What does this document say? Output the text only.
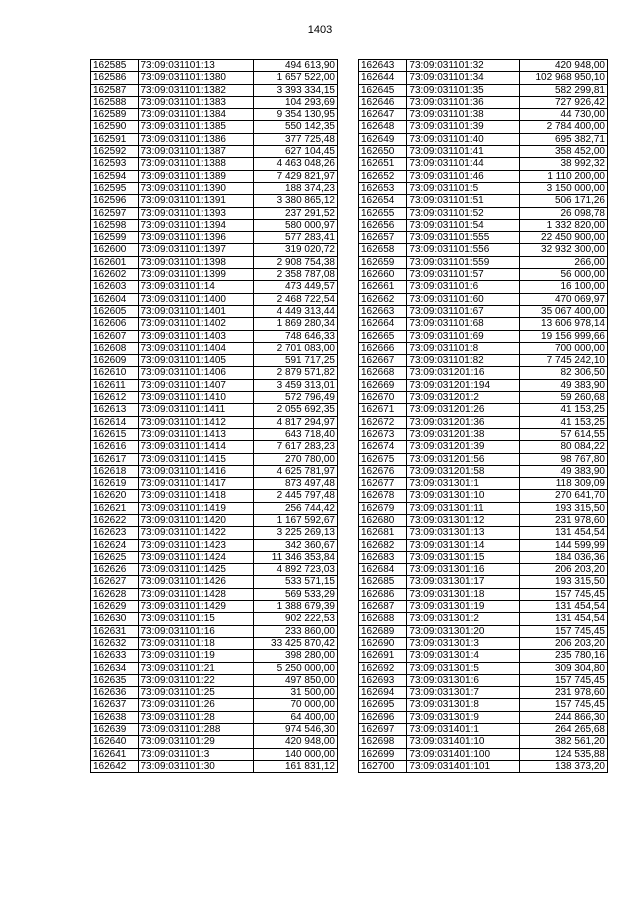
1403
162585	73:09:031101:13	494 613,90
162586	73:09:031101:1380	1 657 522,00
162587	73:09:031101:1382	3 393 334,15
162588	73:09:031101:1383	104 293,69
162589	73:09:031101:1384	9 354 130,95
162590	73:09:031101:1385	550 142,35
162591	73:09:031101:1386	377 725,48
162592	73:09:031101:1387	627 104,45
162593	73:09:031101:1388	4 463 048,26
162594	73:09:031101:1389	7 429 821,97
162595	73:09:031101:1390	188 374,23
162596	73:09:031101:1391	3 380 865,12
162597	73:09:031101:1393	237 291,52
162598	73:09:031101:1394	580 000,97
162599	73:09:031101:1396	577 283,41
162600	73:09:031101:1397	319 020,72
162601	73:09:031101:1398	2 908 754,38
162602	73:09:031101:1399	2 358 787,08
162603	73:09:031101:14	473 449,57
162604	73:09:031101:1400	2 468 722,54
162605	73:09:031101:1401	4 449 313,44
162606	73:09:031101:1402	1 869 280,34
162607	73:09:031101:1403	748 646,33
162608	73:09:031101:1404	2 701 083,00
162609	73:09:031101:1405	591 717,25
162610	73:09:031101:1406	2 879 571,82
162611	73:09:031101:1407	3 459 313,01
162612	73:09:031101:1410	572 796,49
162613	73:09:031101:1411	2 055 692,35
162614	73:09:031101:1412	4 817 294,97
162615	73:09:031101:1413	643 718,40
162616	73:09:031101:1414	7 617 283,23
162617	73:09:031101:1415	270 780,00
162618	73:09:031101:1416	4 625 781,97
162619	73:09:031101:1417	873 497,48
162620	73:09:031101:1418	2 445 797,48
162621	73:09:031101:1419	256 744,42
162622	73:09:031101:1420	1 167 592,67
162623	73:09:031101:1422	3 225 269,13
162624	73:09:031101:1423	342 360,67
162625	73:09:031101:1424	11 346 353,84
162626	73:09:031101:1425	4 892 723,03
162627	73:09:031101:1426	533 571,15
162628	73:09:031101:1428	569 533,29
162629	73:09:031101:1429	1 388 679,39
162630	73:09:031101:15	902 222,53
162631	73:09:031101:16	233 860,00
162632	73:09:031101:18	33 425 870,42
162633	73:09:031101:19	398 280,00
162634	73:09:031101:21	5 250 000,00
162635	73:09:031101:22	497 850,00
162636	73:09:031101:25	31 500,00
162637	73:09:031101:26	70 000,00
162638	73:09:031101:28	64 400,00
162639	73:09:031101:288	974 546,30
162640	73:09:031101:29	420 948,00
162641	73:09:031101:3	140 000,00
162642	73:09:031101:30	161 831,12
162643	73:09:031101:32	420 948,00
162644	73:09:031101:34	102 968 950,10
162645	73:09:031101:35	582 299,81
162646	73:09:031101:36	727 926,42
162647	73:09:031101:38	44 730,00
162648	73:09:031101:39	2 784 400,00
162649	73:09:031101:40	695 382,71
162650	73:09:031101:41	358 452,00
162651	73:09:031101:44	38 992,32
162652	73:09:031101:46	1 110 200,00
162653	73:09:031101:5	3 150 000,00
162654	73:09:031101:51	506 171,26
162655	73:09:031101:52	26 098,78
162656	73:09:031101:54	1 332 820,00
162657	73:09:031101:555	22 450 900,00
162658	73:09:031101:556	32 932 300,00
162659	73:09:031101:559	266,00
162660	73:09:031101:57	56 000,00
162661	73:09:031101:6	16 100,00
162662	73:09:031101:60	470 069,97
162663	73:09:031101:67	35 067 400,00
162664	73:09:031101:68	13 606 978,14
162665	73:09:031101:69	19 156 999,66
162666	73:09:031101:8	700 000,00
162667	73:09:031101:82	7 745 242,10
162668	73:09:031201:16	82 306,50
162669	73:09:031201:194	49 383,90
162670	73:09:031201:2	59 260,68
162671	73:09:031201:26	41 153,25
162672	73:09:031201:36	41 153,25
162673	73:09:031201:38	57 614,55
162674	73:09:031201:39	80 084,22
162675	73:09:031201:56	98 767,80
162676	73:09:031201:58	49 383,90
162677	73:09:031301:1	118 309,09
162678	73:09:031301:10	270 641,70
162679	73:09:031301:11	193 315,50
162680	73:09:031301:12	231 978,60
162681	73:09:031301:13	131 454,54
162682	73:09:031301:14	144 599,99
162683	73:09:031301:15	184 036,36
162684	73:09:031301:16	206 203,20
162685	73:09:031301:17	193 315,50
162686	73:09:031301:18	157 745,45
162687	73:09:031301:19	131 454,54
162688	73:09:031301:2	131 454,54
162689	73:09:031301:20	157 745,45
162690	73:09:031301:3	206 203,20
162691	73:09:031301:4	235 780,16
162692	73:09:031301:5	309 304,80
162693	73:09:031301:6	157 745,45
162694	73:09:031301:7	231 978,60
162695	73:09:031301:8	157 745,45
162696	73:09:031301:9	244 866,30
162697	73:09:031401:1	264 265,68
162698	73:09:031401:10	382 561,20
162699	73:09:031401:100	124 535,88
162700	73:09:031401:101	138 373,20
